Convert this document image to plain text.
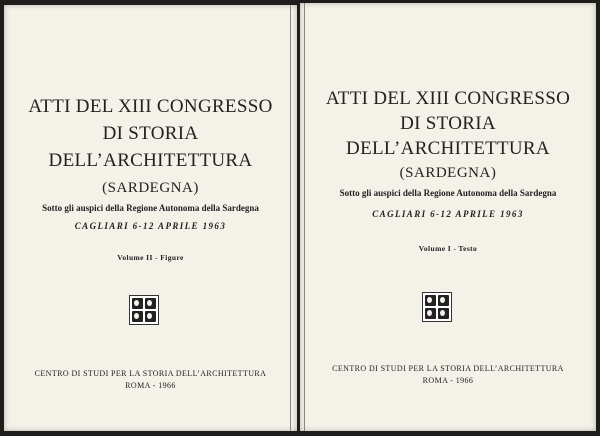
ATTI DEL XIII CONGRESSO
DI STORIA
DELL’ARCHITETTURA
(SARDEGNA)
Sotto gli auspici della Regione Autonoma della Sardegna
CAGLIARI 6-12 APRILE 1963
Volume II - Figure
CENTRO DI STUDI PER LA STORIA DELL’ARCHITETTURA
ROMA - 1966
ATTI DEL XIII CONGRESSO
DI STORIA
DELL’ARCHITETTURA
(SARDEGNA)
Sotto gli auspici della Regione Autonoma della Sardegna
CAGLIARI 6-12 APRILE 1963
Volume I - Testo
CENTRO DI STUDI PER LA STORIA DELL’ARCHITETTURA
ROMA - 1966
